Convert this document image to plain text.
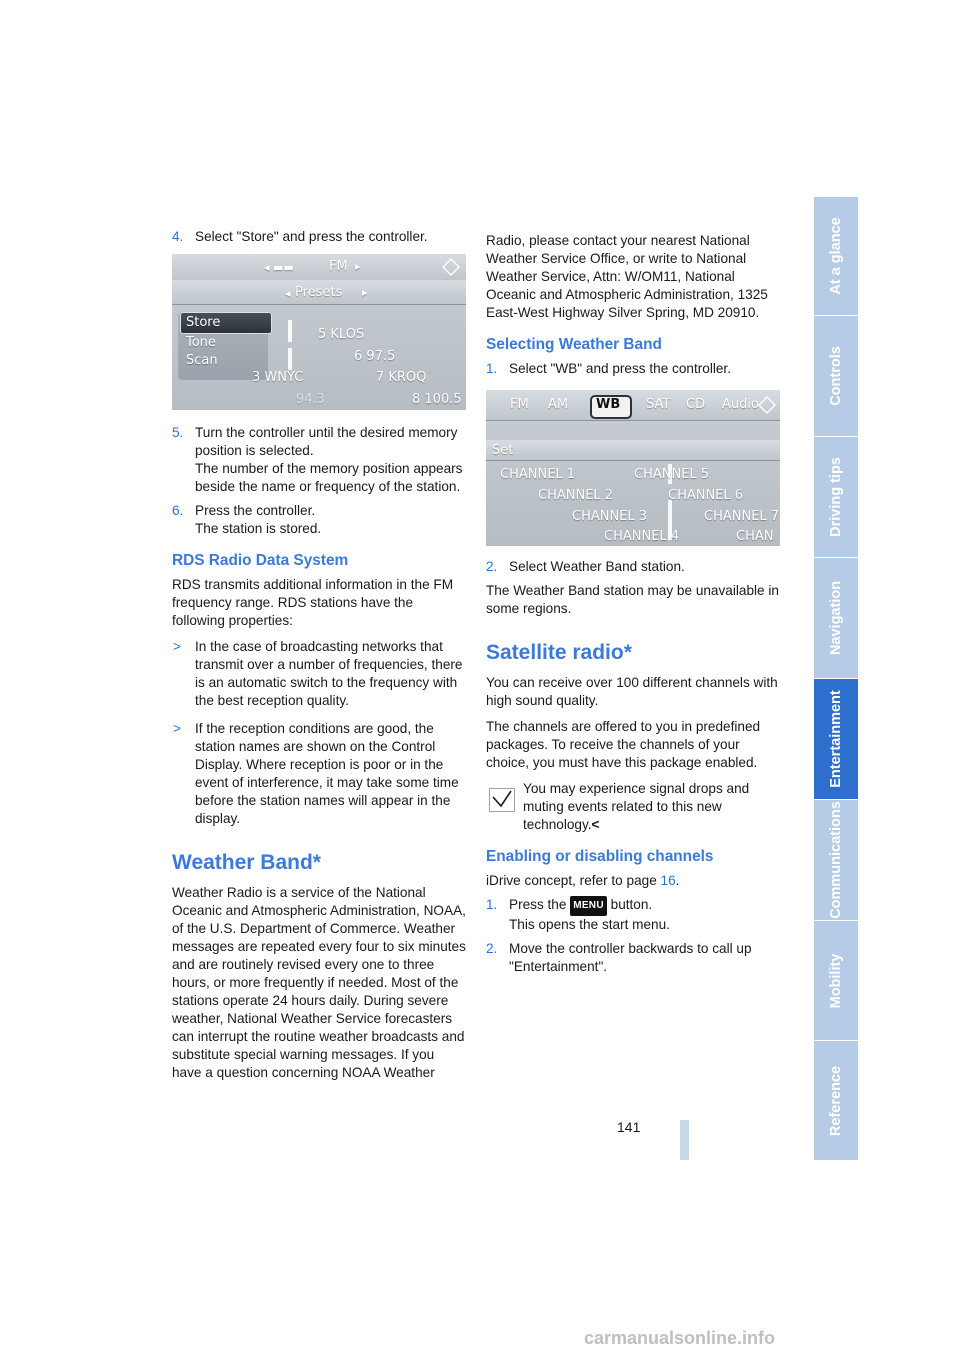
4. Select "Store" and press the controller.
◂ ▬▬	FM ▸
◂ Presets ▸
Store
Tone
Scan
5 KLOS
6 97.5
3 WNYC	7 KROQ
94.3	8 100.5
5. Turn the controller until the desired memory position is selected.
The number of the memory position appears beside the name or frequency of the station.
6. Press the controller.
The station is stored.
RDS Radio Data System

RDS transmits additional information in the FM frequency range. RDS stations have the following properties:

> In the case of broadcasting networks that transmit over a number of frequencies, there is an automatic switch to the frequency with the best reception quality.
> If the reception conditions are good, the station names are shown on the Control Display. Where reception is poor or in the event of interference, it may take some time before the station names will appear in the display.
Weather Band*

Weather Radio is a service of the National Oceanic and Atmospheric Administration, NOAA, of the U.S. Department of Commerce. Weather messages are repeated every four to six minutes and are routinely revised every one to three hours, or more frequently if needed. Most of the stations operate 24 hours daily. During severe weather, National Weather Service forecasters can interrupt the routine weather broadcasts and substitute special warning messages. If you have a question concerning NOAA Weather

Radio, please contact your nearest National Weather Service Office, or write to National Weather Service, Attn: W/OM11, National Oceanic and Atmospheric Administration, 1325 East-West Highway Silver Spring, MD 20910.

Selecting Weather Band
1. Select "WB" and press the controller.
FM AM WB SAT CD Audio
Set
CHANNEL 1	CHANNEL 5
CHANNEL 2	CHANNEL 6
CHANNEL 3	CHANNEL 7
CHANNEL 4	CHAN
2. Select Weather Band station.

The Weather Band station may be unavailable in some regions.

Satellite radio*

You can receive over 100 different channels with high sound quality.

The channels are offered to you in predefined packages. To receive the channels of your choice, you must have this package enabled.

You may experience signal drops and muting events related to this new technology.<
Enabling or disabling channels

iDrive concept, refer to page 16.

1. Press the MENU button.
This opens the start menu.
2. Move the controller backwards to call up "Entertainment".
At a glance
Controls
Driving tips
Navigation
Entertainment
Communications
Mobility
Reference
141
carmanualsonline.info
